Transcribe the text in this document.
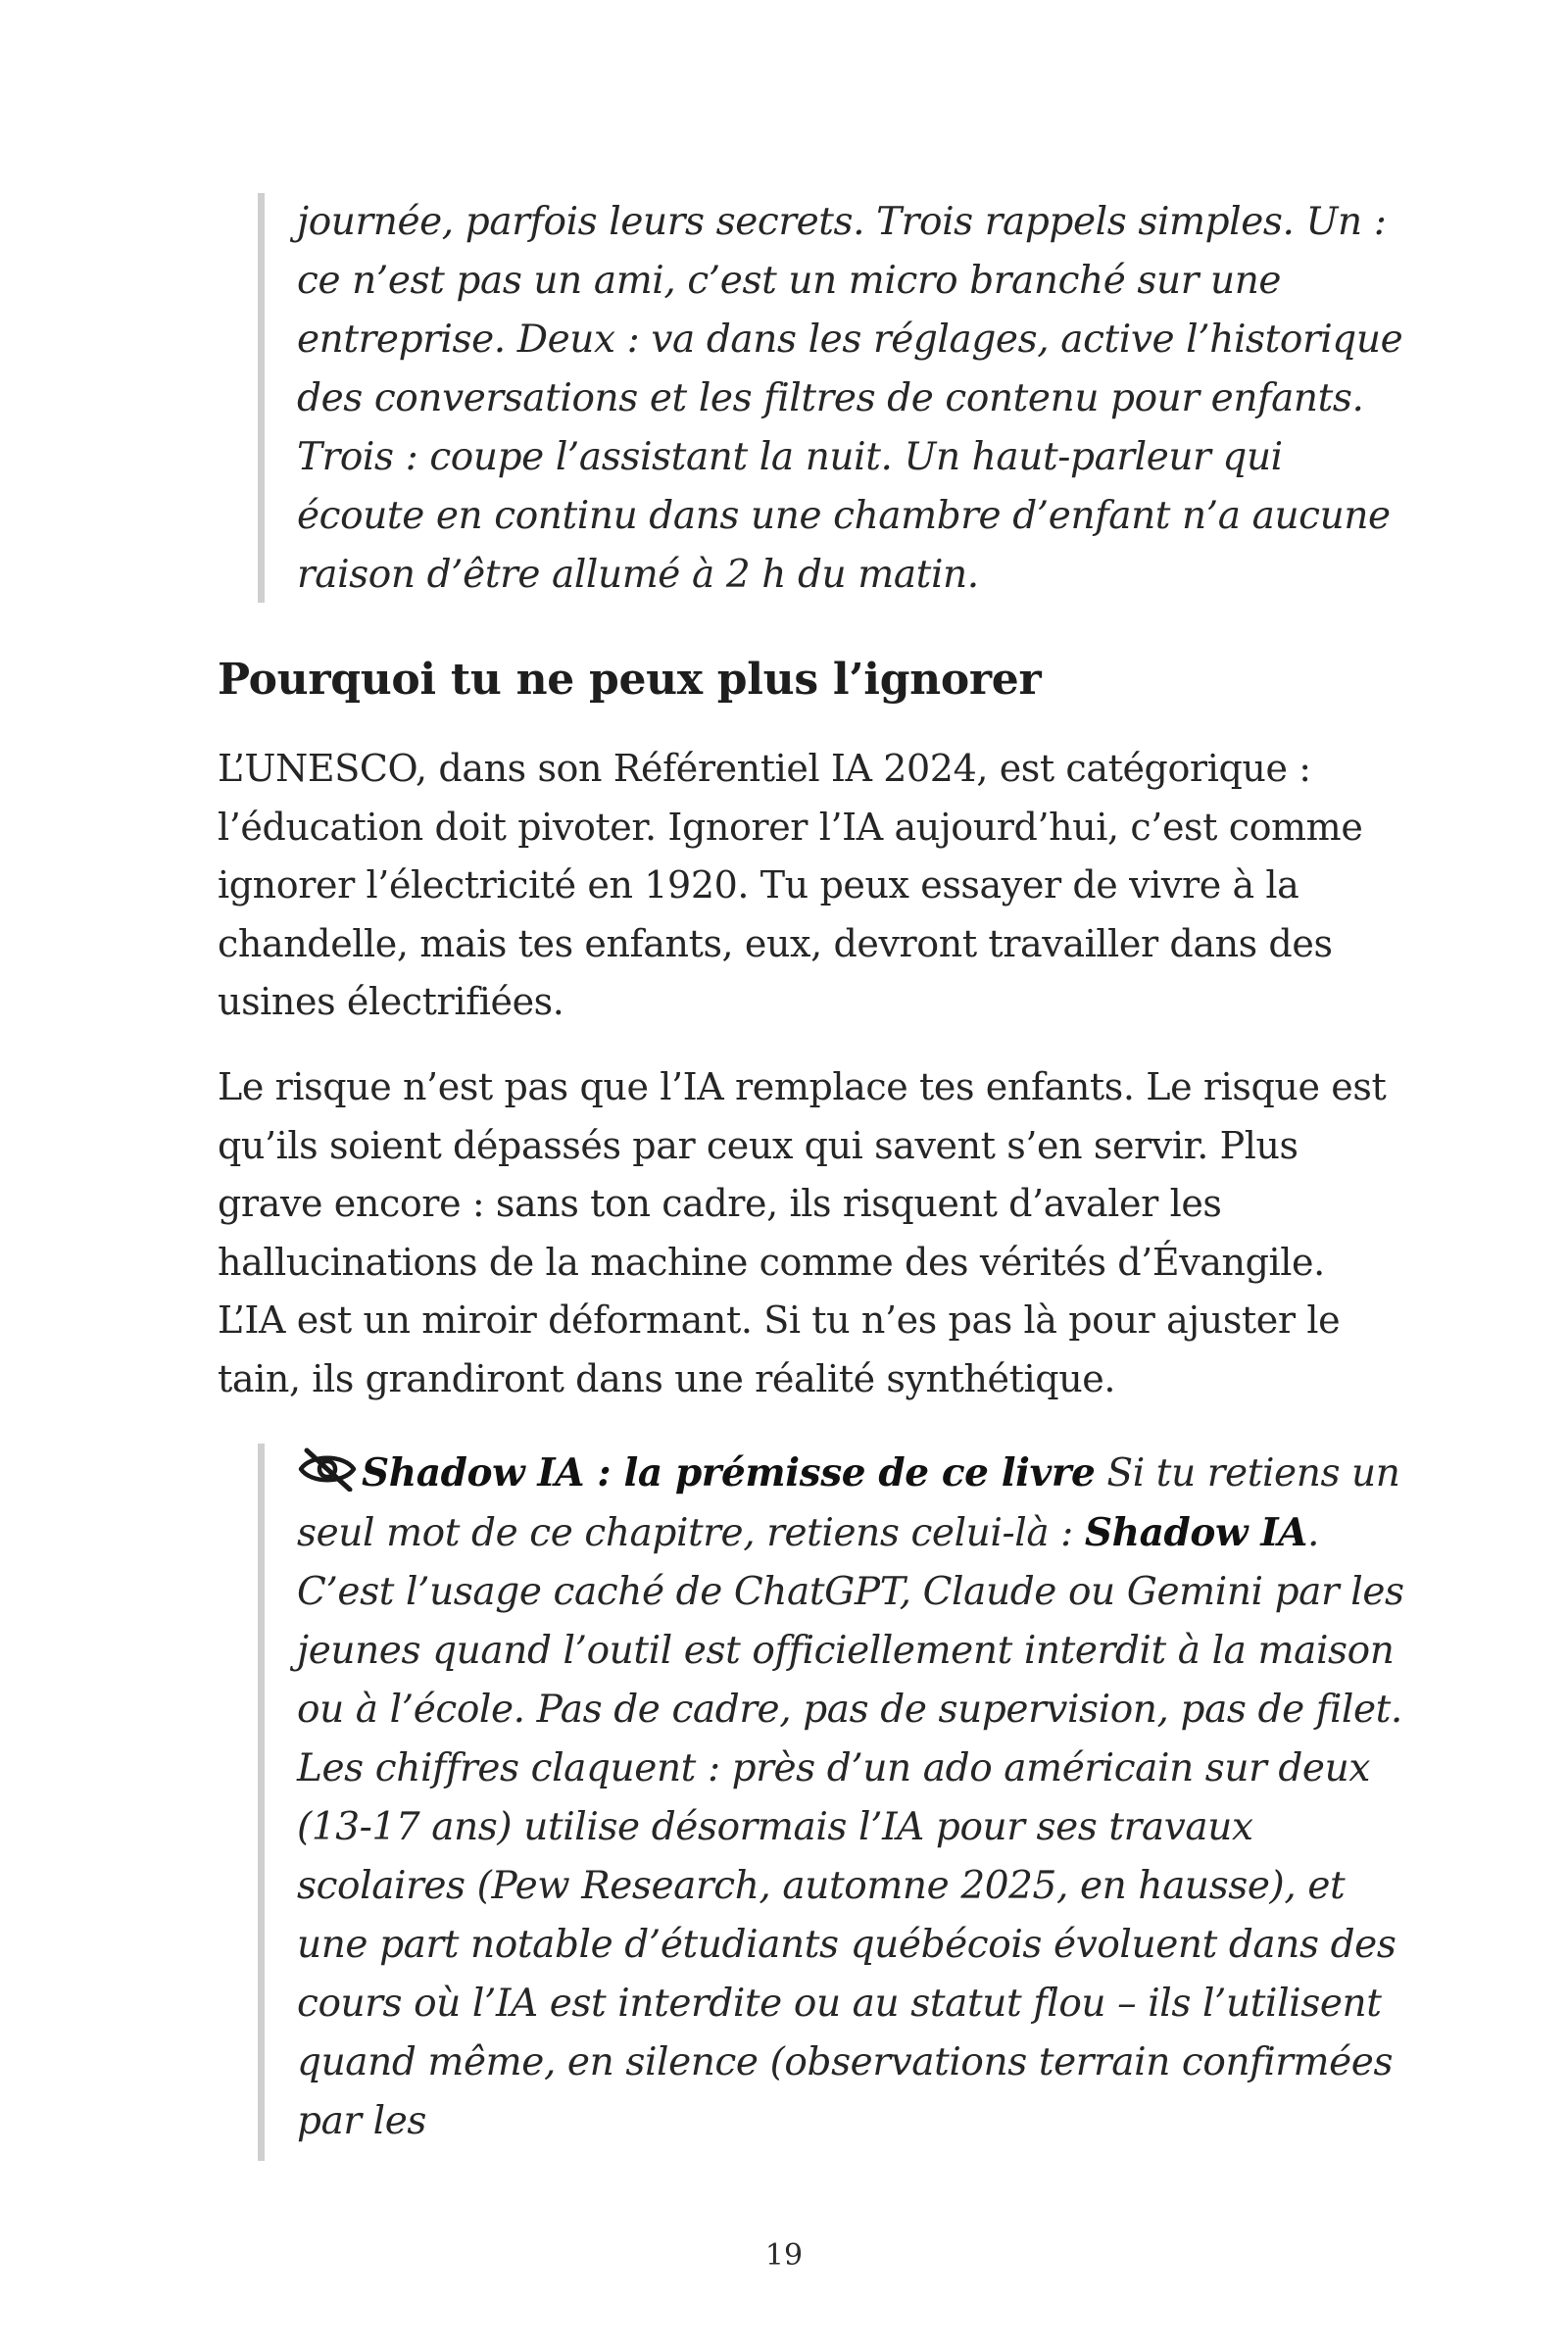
journée, parfois leurs secrets. Trois rappels simples. Un : ce n’est pas un ami, c’est un micro branché sur une entreprise. Deux : va dans les réglages, active l’historique des conversations et les filtres de contenu pour enfants. Trois : coupe l’assistant la nuit. Un haut-parleur qui écoute en continu dans une chambre d’enfant n’a aucune raison d’être allumé à 2 h du matin.

Pourquoi tu ne peux plus l’ignorer

L’UNESCO, dans son Référentiel IA 2024, est catégorique : l’éducation doit pivoter. Ignorer l’IA aujourd’hui, c’est comme ignorer l’électricité en 1920. Tu peux essayer de vivre à la chandelle, mais tes enfants, eux, devront travailler dans des usines électrifiées.

Le risque n’est pas que l’IA remplace tes enfants. Le risque est qu’ils soient dépassés par ceux qui savent s’en servir. Plus grave encore : sans ton cadre, ils risquent d’avaler les hallucinations de la machine comme des vérités d’Évangile. L’IA est un miroir déformant. Si tu n’es pas là pour ajuster le tain, ils grandiront dans une réalité synthétique.

Shadow IA : la prémisse de ce livre Si tu retiens un seul mot de ce chapitre, retiens celui-là : Shadow IA. C’est l’usage caché de ChatGPT, Claude ou Gemini par les jeunes quand l’outil est officiellement interdit à la maison ou à l’école. Pas de cadre, pas de supervision, pas de filet. Les chiffres claquent : près d’un ado américain sur deux (13-17 ans) utilise désormais l’IA pour ses travaux scolaires (Pew Research, automne 2025, en hausse), et une part notable d’étudiants québécois évoluent dans des cours où l’IA est interdite ou au statut flou – ils l’utilisent quand même, en silence (observations terrain confirmées par les

19
